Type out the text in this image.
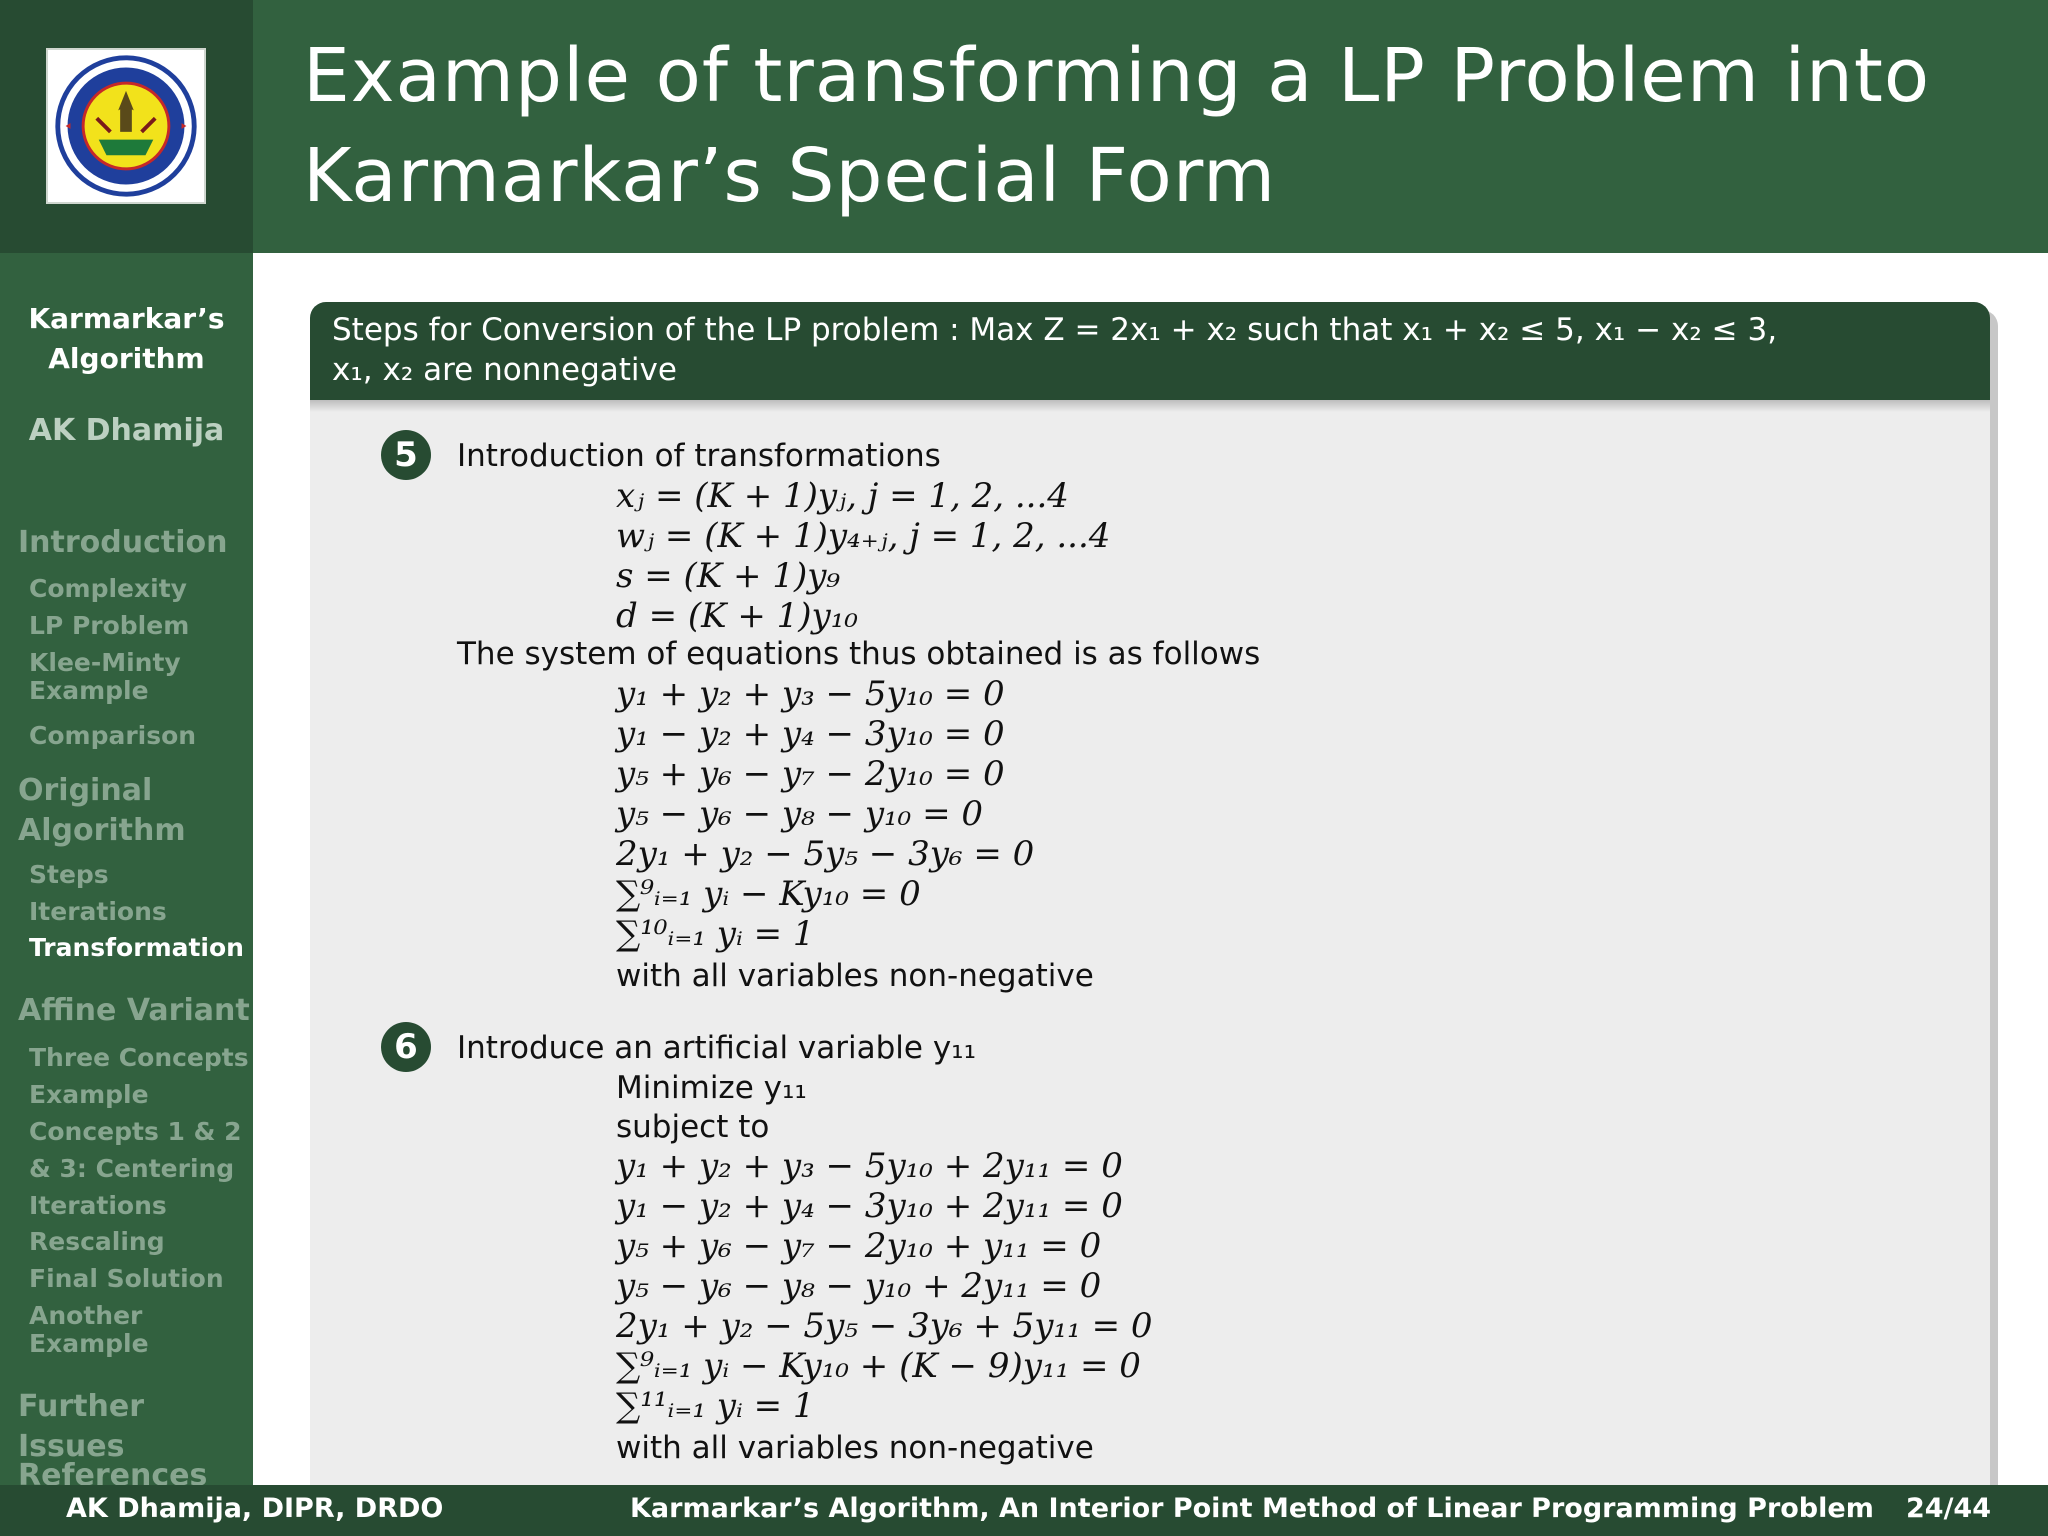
Example of transforming a LP Problem into
Karmarkar’s Special Form
Karmarkar’s
Algorithm
AK Dhamija
Introduction
Complexity
LP Problem
Klee-Minty
Example
Comparison
Original
Algorithm
Steps
Iterations
Transformation
Affine Variant
Three Concepts
Example
Concepts 1 & 2
& 3: Centering
Iterations
Rescaling
Final Solution
Another
Example
Further Issues
References
Steps for Conversion of the LP problem : Max Z = 2x₁ + x₂ such that x₁ + x₂ ≤ 5, x₁ − x₂ ≤ 3,
x₁, x₂ are nonnegative
5	Introduction of transformations
xⱼ = (K + 1)yⱼ, j = 1, 2, ...4
wⱼ = (K + 1)y₄₊ⱼ, j = 1, 2, ...4
s = (K + 1)y₉
d = (K + 1)y₁₀
The system of equations thus obtained is as follows
y₁ + y₂ + y₃ − 5y₁₀ = 0
y₁ − y₂ + y₄ − 3y₁₀ = 0
y₅ + y₆ − y₇ − 2y₁₀ = 0
y₅ − y₆ − y₈ − y₁₀ = 0
2y₁ + y₂ − 5y₅ − 3y₆ = 0
∑⁹ᵢ₌₁ yᵢ − Ky₁₀ = 0
∑¹⁰ᵢ₌₁ yᵢ = 1
with all variables non-negative
6	Introduce an artificial variable y₁₁
Minimize y₁₁
subject to
y₁ + y₂ + y₃ − 5y₁₀ + 2y₁₁ = 0
y₁ − y₂ + y₄ − 3y₁₀ + 2y₁₁ = 0
y₅ + y₆ − y₇ − 2y₁₀ + y₁₁ = 0
y₅ − y₆ − y₈ − y₁₀ + 2y₁₁ = 0
2y₁ + y₂ − 5y₅ − 3y₆ + 5y₁₁ = 0
∑⁹ᵢ₌₁ yᵢ − Ky₁₀ + (K − 9)y₁₁ = 0
∑¹¹ᵢ₌₁ yᵢ = 1
with all variables non-negative
AK Dhamija, DIPR, DRDO	Karmarkar’s Algorithm, An Interior Point Method of Linear Programming Problem 24/44
